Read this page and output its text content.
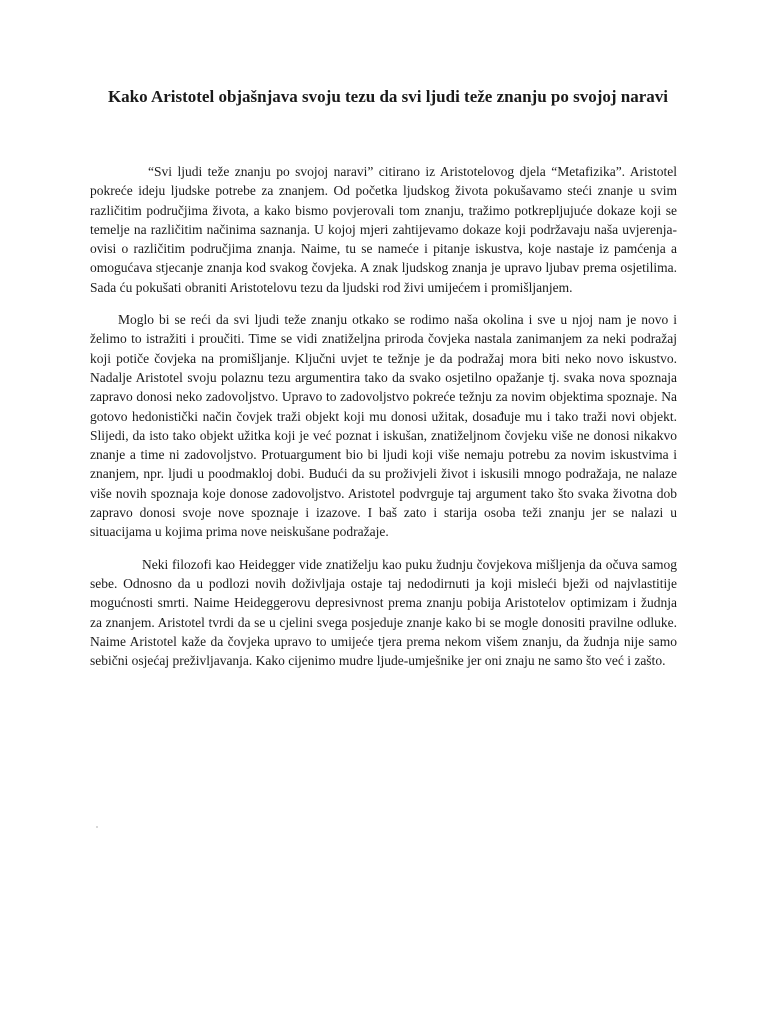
Kako Aristotel objašnjava svoju tezu da svi ljudi teže znanju po svojoj naravi

“Svi ljudi teže znanju po svojoj naravi” citirano iz Aristotelovog djela “Metafizika”. Aristotel pokreće ideju ljudske potrebe za znanjem. Od početka ljudskog života pokušavamo steći znanje u svim različitim područjima života, a kako bismo povjerovali tom znanju, tražimo potkrepljujuće dokaze koji se temelje na različitim načinima saznanja. U kojoj mjeri zahtijevamo dokaze koji podržavaju naša uvjerenja-ovisi o različitim područjima znanja. Naime, tu se nameće i pitanje iskustva, koje nastaje iz pamćenja a omogućava stjecanje znanja kod svakog čovjeka. A znak ljudskog znanja je upravo ljubav prema osjetilima. Sada ću pokušati obraniti Aristotelovu tezu da ljudski rod živi umijećem i promišljanjem.

Moglo bi se reći da svi ljudi teže znanju otkako se rodimo naša okolina i sve u njoj nam je novo i želimo to istražiti i proučiti. Time se vidi znatiželjna priroda čovjeka nastala zanimanjem za neki podražaj koji potiče čovjeka na promišljanje. Ključni uvjet te težnje je da podražaj mora biti neko novo iskustvo. Nadalje Aristotel svoju polaznu tezu argumentira tako da svako osjetilno opažanje tj. svaka nova spoznaja zapravo donosi neko zadovoljstvo. Upravo to zadovoljstvo pokreće težnju za novim objektima spoznaje. Na gotovo hedonistički način čovjek traži objekt koji mu donosi užitak, dosađuje mu i tako traži novi objekt. Slijedi, da isto tako objekt užitka koji je već poznat i iskušan, znatiželjnom čovjeku više ne donosi nikakvo znanje a time ni zadovoljstvo. Protuargument bio bi ljudi koji više nemaju potrebu za novim iskustvima i znanjem, npr. ljudi u poodmakloj dobi. Budući da su proživjeli život i iskusili mnogo podražaja, ne nalaze više novih spoznaja koje donose zadovoljstvo. Aristotel podvrguje taj argument tako što svaka životna dob zapravo donosi svoje nove spoznaje i izazove. I baš zato i starija osoba teži znanju jer se nalazi u situacijama u kojima prima nove neiskušane podražaje.

Neki filozofi kao Heidegger vide znatiželju kao puku žudnju čovjekova mišljenja da očuva samog sebe. Odnosno da u podlozi novih doživljaja ostaje taj nedodirnuti ja koji misleći bježi od najvlastitije mogućnosti smrti. Naime Heideggerovu depresivnost prema znanju pobija Aristotelov optimizam i žudnja za znanjem. Aristotel tvrdi da se u cjelini svega posjeduje znanje kako bi se mogle donositi pravilne odluke. Naime Aristotel kaže da čovjeka upravo to umijeće tjera prema nekom višem znanju, da žudnja nije samo sebični osjećaj preživljavanja. Kako cijenimo mudre ljude-umješnike jer oni znaju ne samo što već i zašto.
